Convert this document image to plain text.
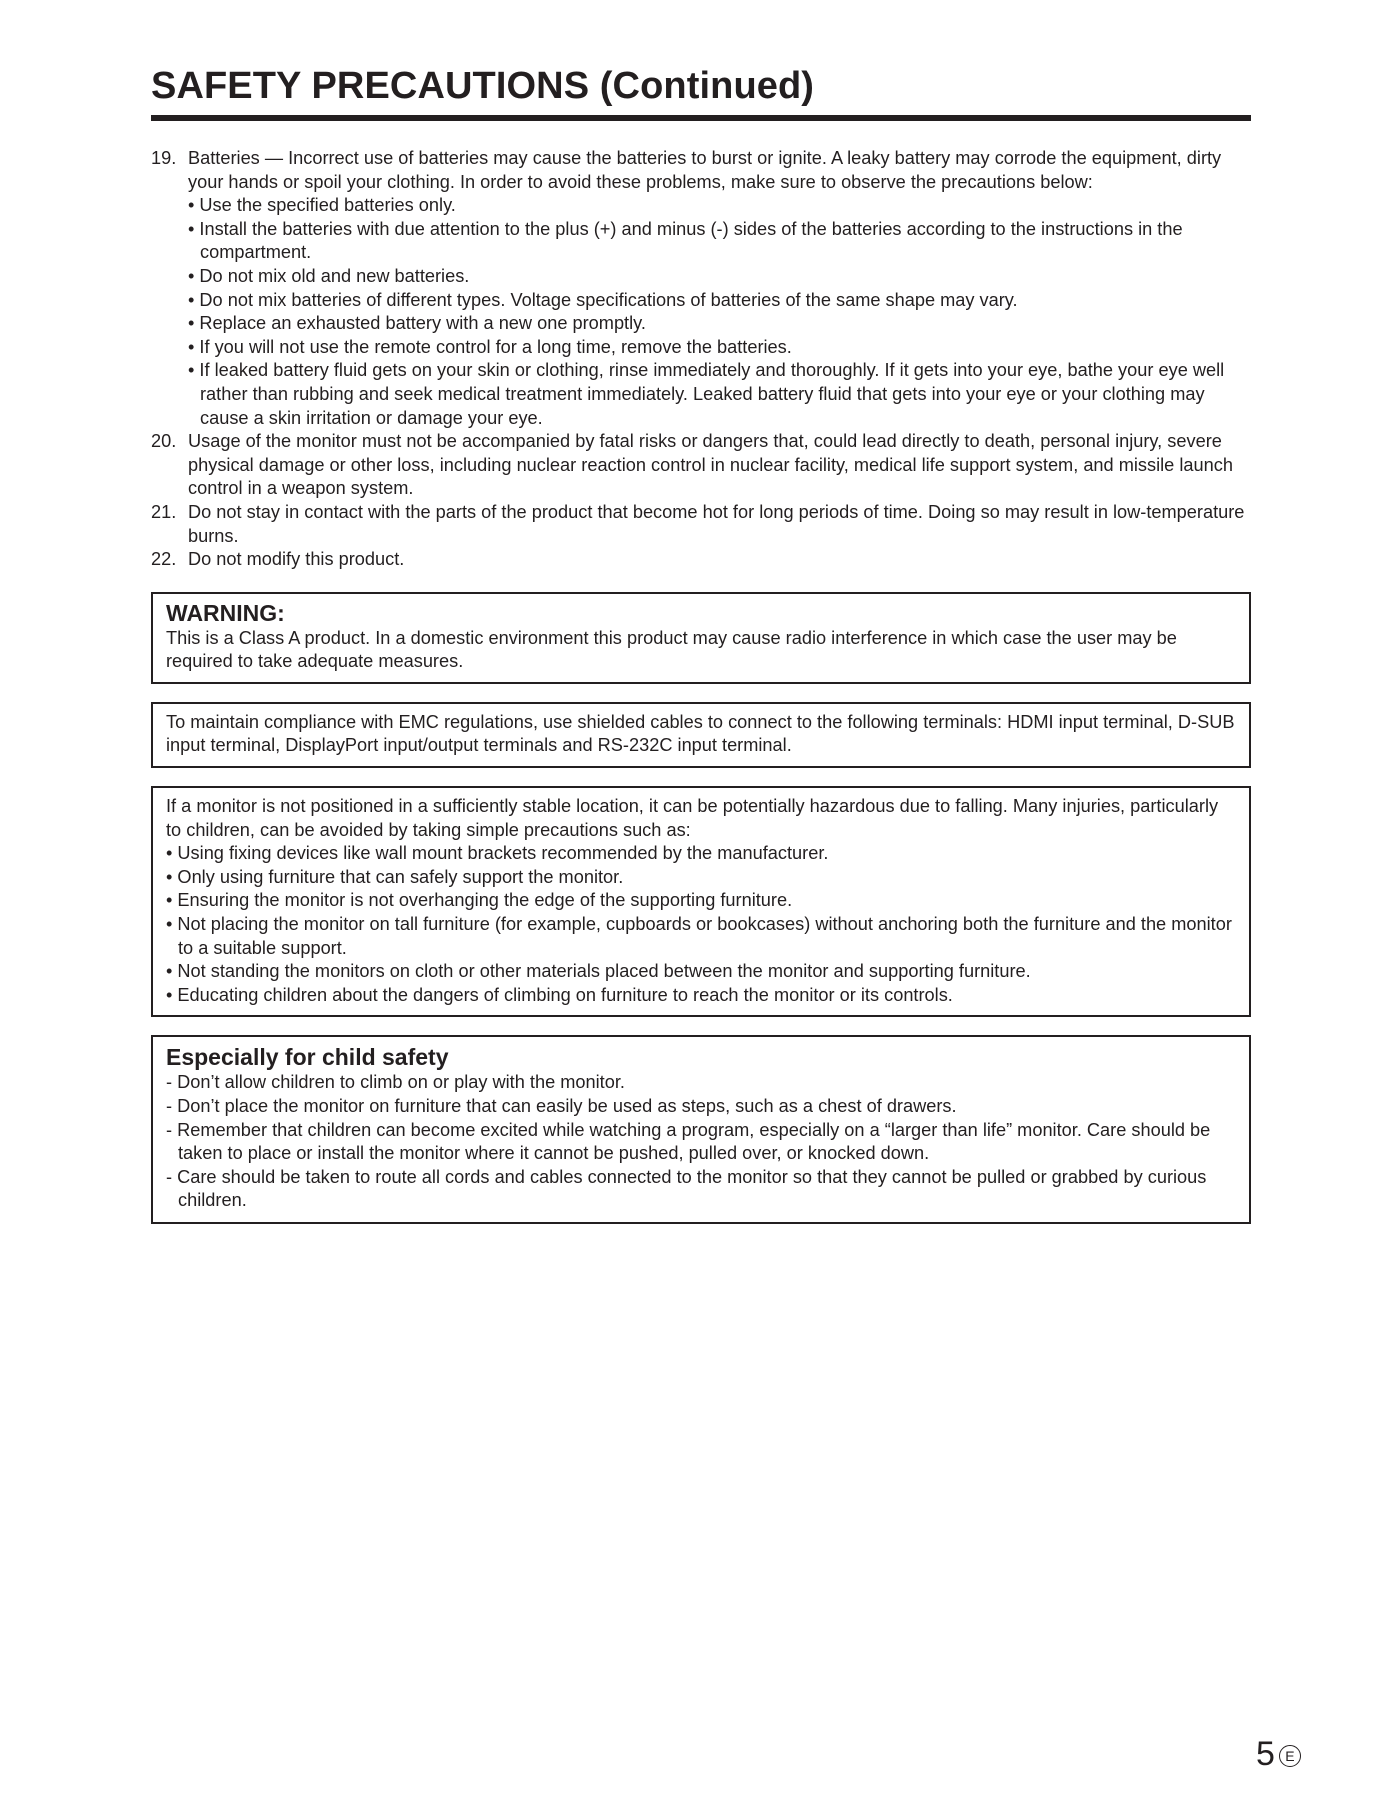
SAFETY PRECAUTIONS (Continued)
19. Batteries — Incorrect use of batteries may cause the batteries to burst or ignite. A leaky battery may corrode the equipment, dirty your hands or spoil your clothing. In order to avoid these problems, make sure to observe the precautions below:
• Use the specified batteries only.
• Install the batteries with due attention to the plus (+) and minus (-) sides of the batteries according to the instructions in the compartment.
• Do not mix old and new batteries.
• Do not mix batteries of different types. Voltage specifications of batteries of the same shape may vary.
• Replace an exhausted battery with a new one promptly.
• If you will not use the remote control for a long time, remove the batteries.
• If leaked battery fluid gets on your skin or clothing, rinse immediately and thoroughly. If it gets into your eye, bathe your eye well rather than rubbing and seek medical treatment immediately. Leaked battery fluid that gets into your eye or your clothing may cause a skin irritation or damage your eye.
20. Usage of the monitor must not be accompanied by fatal risks or dangers that, could lead directly to death, personal injury, severe physical damage or other loss, including nuclear reaction control in nuclear facility, medical life support system, and missile launch control in a weapon system.
21. Do not stay in contact with the parts of the product that become hot for long periods of time. Doing so may result in low-temperature burns.
22. Do not modify this product.

WARNING:

This is a Class A product. In a domestic environment this product may cause radio interference in which case the user may be required to take adequate measures.

To maintain compliance with EMC regulations, use shielded cables to connect to the following terminals: HDMI input terminal, D-SUB input terminal, DisplayPort input/output terminals and RS-232C input terminal.

If a monitor is not positioned in a sufficiently stable location, it can be potentially hazardous due to falling. Many injuries, particularly to children, can be avoided by taking simple precautions such as:

• Using fixing devices like wall mount brackets recommended by the manufacturer.
• Only using furniture that can safely support the monitor.
• Ensuring the monitor is not overhanging the edge of the supporting furniture.
• Not placing the monitor on tall furniture (for example, cupboards or bookcases) without anchoring both the furniture and the monitor to a suitable support.
• Not standing the monitors on cloth or other materials placed between the monitor and supporting furniture.
• Educating children about the dangers of climbing on furniture to reach the monitor or its controls.

Especially for child safety

- Don’t allow children to climb on or play with the monitor.
- Don’t place the monitor on furniture that can easily be used as steps, such as a chest of drawers.
- Remember that children can become excited while watching a program, especially on a “larger than life” monitor. Care should be taken to place or install the monitor where it cannot be pushed, pulled over, or knocked down.
- Care should be taken to route all cords and cables connected to the monitor so that they cannot be pulled or grabbed by curious children.
5 E
